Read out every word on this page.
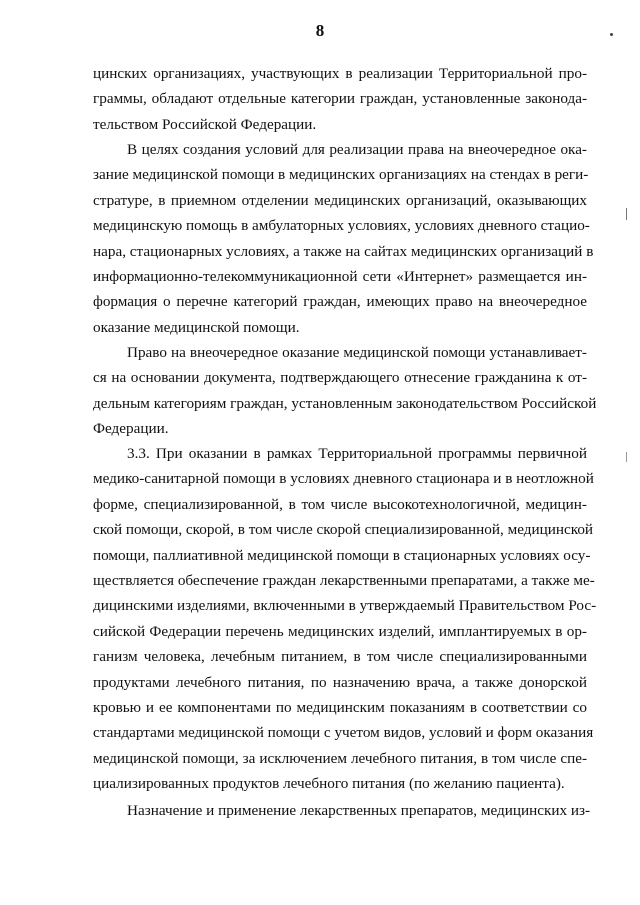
8
цинских организациях, участвующих в реализации Территориальной про-
граммы, обладают отдельные категории граждан, установленные законода-
тельством Российской Федерации.
В целях создания условий для реализации права на внеочередное ока-
зание медицинской помощи в медицинских организациях на стендах в реги-
стратуре, в приемном отделении медицинских организаций, оказывающих
медицинскую помощь в амбулаторных условиях, условиях дневного стацио-
нара, стационарных условиях, а также на сайтах медицинских организаций в
информационно-телекоммуникационной сети «Интернет» размещается ин-
формация о перечне категорий граждан, имеющих право на внеочередное
оказание медицинской помощи.
Право на внеочередное оказание медицинской помощи устанавливает-
ся на основании документа, подтверждающего отнесение гражданина к от-
дельным категориям граждан, установленным законодательством Российской
Федерации.
3.3. При оказании в рамках Территориальной программы первичной
медико-санитарной помощи в условиях дневного стационара и в неотложной
форме, специализированной, в том числе высокотехнологичной, медицин-
ской помощи, скорой, в том числе скорой специализированной, медицинской
помощи, паллиативной медицинской помощи в стационарных условиях осу-
ществляется обеспечение граждан лекарственными препаратами, а также ме-
дицинскими изделиями, включенными в утверждаемый Правительством Рос-
сийской Федерации перечень медицинских изделий, имплантируемых в ор-
ганизм человека, лечебным питанием, в том числе специализированными
продуктами лечебного питания, по назначению врача, а также донорской
кровью и ее компонентами по медицинским показаниям в соответствии со
стандартами медицинской помощи с учетом видов, условий и форм оказания
медицинской помощи, за исключением лечебного питания, в том числе спе-
циализированных продуктов лечебного питания (по желанию пациента).
Назначение и применение лекарственных препаратов, медицинских из-
